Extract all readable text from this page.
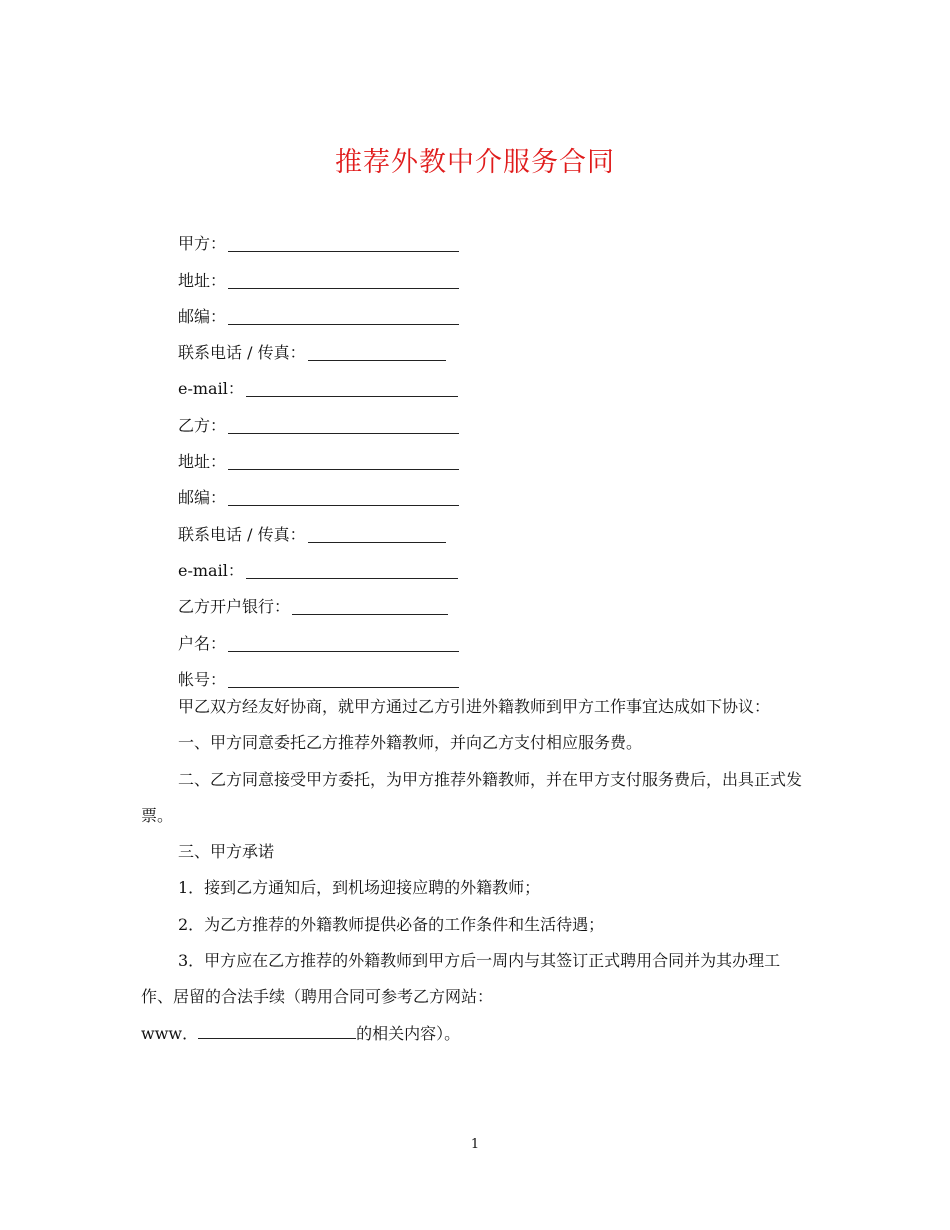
推荐外教中介服务合同
甲方：
地址：
邮编：
联系电话 / 传真：
e-mail：
乙方：
地址：
邮编：
联系电话 / 传真：
e-mail：
乙方开户银行：
户名：
帐号：

甲乙双方经友好协商，就甲方通过乙方引进外籍教师到甲方工作事宜达成如下协议：

一、甲方同意委托乙方推荐外籍教师，并向乙方支付相应服务费。

二、乙方同意接受甲方委托，为甲方推荐外籍教师，并在甲方支付服务费后，出具正式发票。

三、甲方承诺

1．接到乙方通知后，到机场迎接应聘的外籍教师；

2．为乙方推荐的外籍教师提供必备的工作条件和生活待遇；

3．甲方应在乙方推荐的外籍教师到甲方后一周内与其签订正式聘用合同并为其办理工作、居留的合法手续（聘用合同可参考乙方网站：

www．	的相关内容）。

1
